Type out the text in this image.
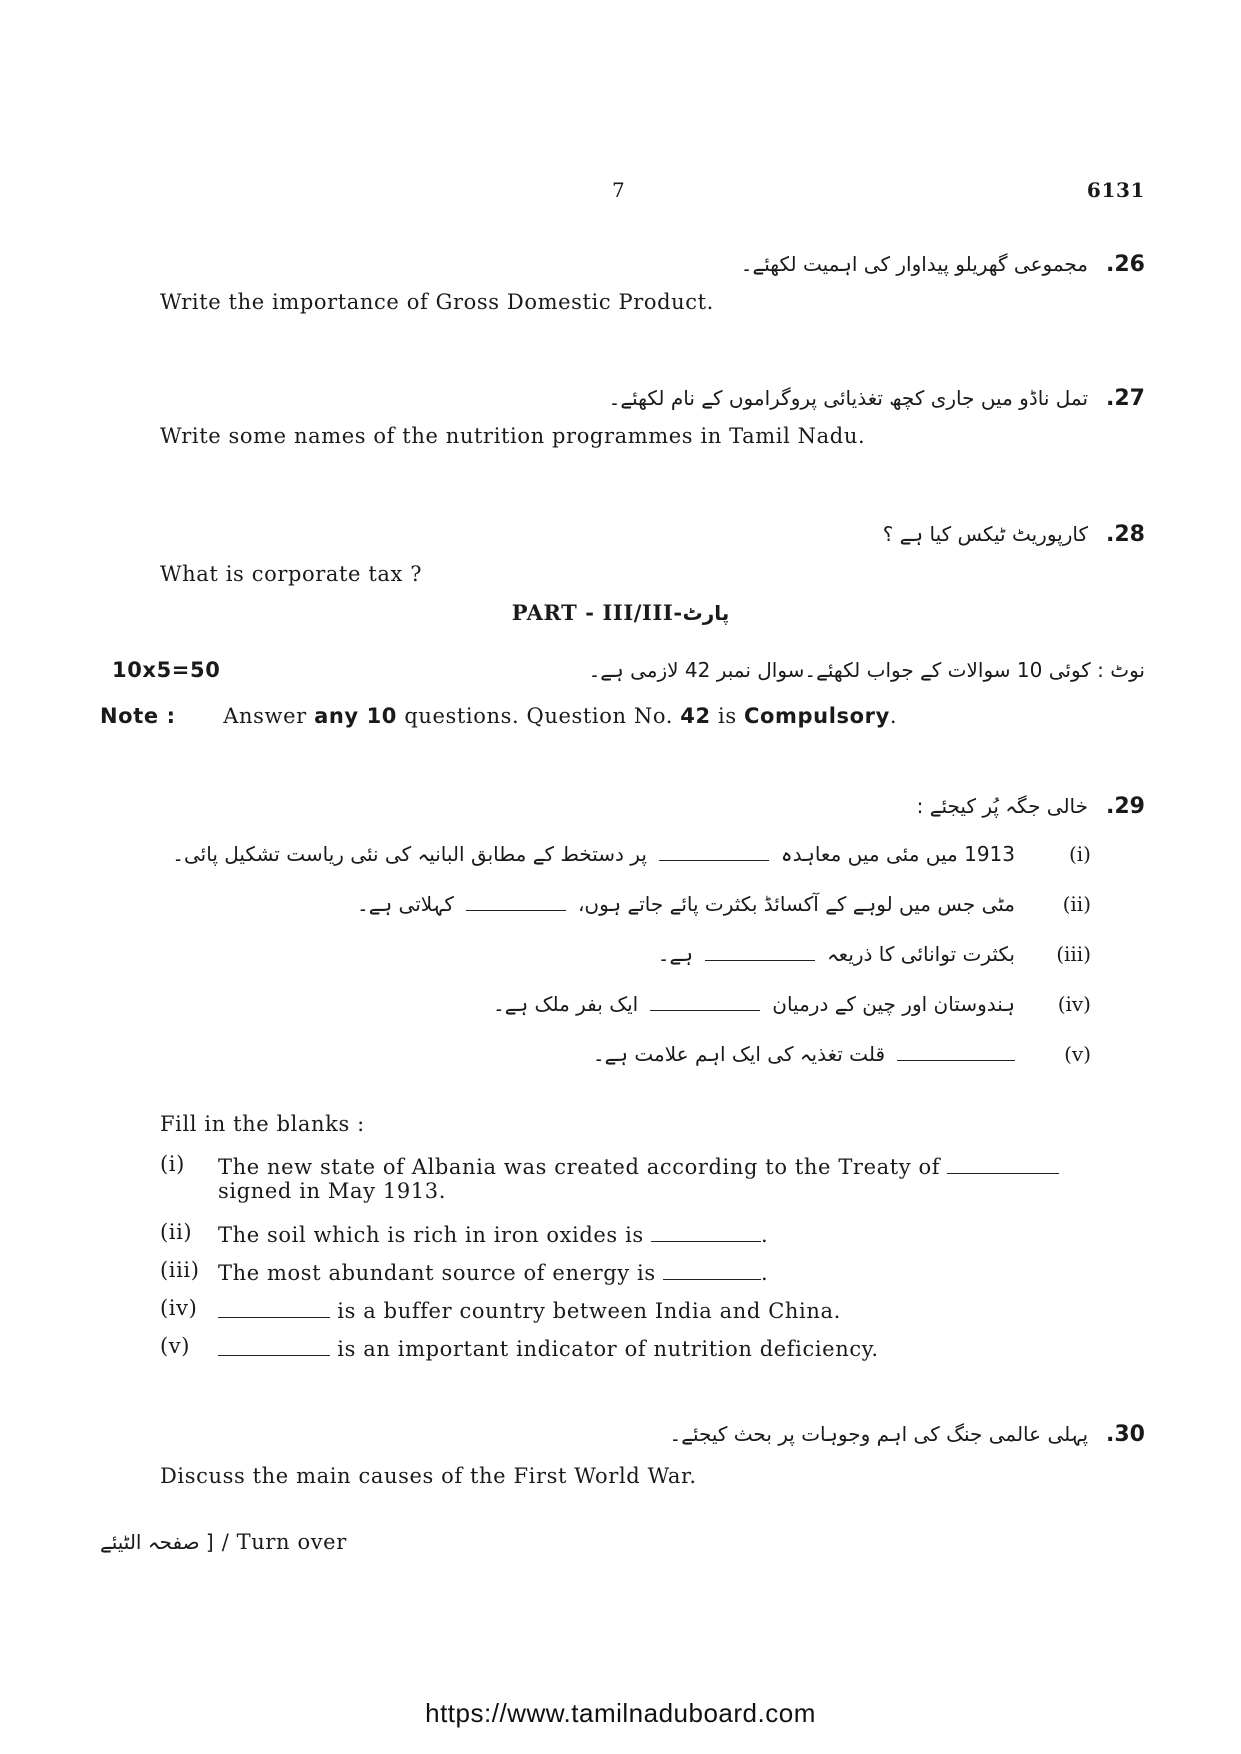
7	6131
مجموعی گھریلو پیداوار کی اہمیت لکھئے۔ .26
Write the importance of Gross Domestic Product.
تمل ناڈو میں جاری کچھ تغذیائی پروگراموں کے نام لکھئے۔ .27
Write some names of the nutrition programmes in Tamil Nadu.
کارپوریٹ ٹیکس کیا ہے ؟ .28
What is corporate tax ?
PART - III/III-پارٹ
10x5=50	نوٹ : کوئی 10 سوالات کے جواب لکھئے۔سوال نمبر 42 لازمی ہے۔
Note : Answer any 10 questions. Question No. 42 is Compulsory.
خالی جگہ پُر کیجئے : .29
(i)
1913 میں مئی میں معاہدہ
پر دستخط کے مطابق البانیہ کی نئی ریاست تشکیل پائی۔
(ii)
مٹی جس میں لوہے کے آکسائڈ بکثرت پائے جاتے ہوں،
کہلاتی ہے۔
(iii)
بکثرت توانائی کا ذریعہ
ہے۔
(iv)
ہندوستان اور چین کے درمیان
ایک بفر ملک ہے۔
(v)
قلت تغذیہ کی ایک اہم علامت ہے۔
Fill in the blanks :
(i)	The new state of Albania was created according to the Treaty of
signed in May 1913.
(ii)	The soil which is rich in iron oxides is	.
(iii) The most abundant source of energy is	.
(iv)	is a buffer country between India and China.
(v)	is an important indicator of nutrition deficiency.
پہلی عالمی جنگ کی اہم وجوہات پر بحث کیجئے۔ .30
Discuss the main causes of the First World War.
[ صفحہ الٹیئے / Turn over
https://www.tamilnaduboard.com
